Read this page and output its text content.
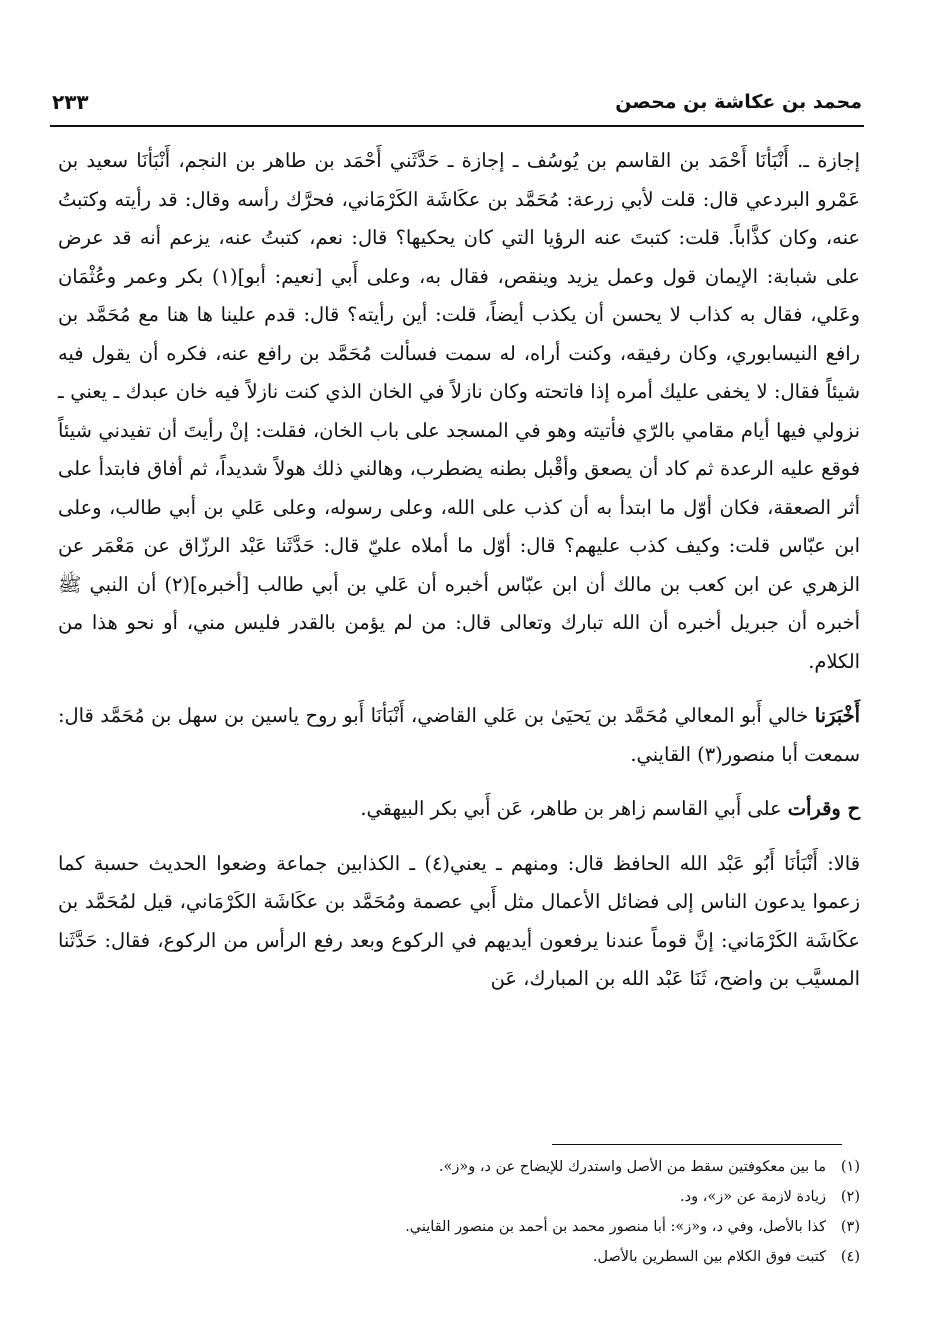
محمد بن عكاشة بن محصن
٢٣٣

إجازة ـ. أَنْبَأنَا أَحْمَد بن القاسم بن يُوسُف ـ إجازة ـ حَدَّثَني أَحْمَد بن طاهر بن النجم، أَنْبَأنَا سعيد بن عَمْرو البردعي قال: قلت لأبي زرعة: مُحَمَّد بن عكَاشَة الكَرْمَاني، فحرَّك رأسه وقال: قد رأيته وكتبتُ عنه، وكان كذَّاباً. قلت: كتبتَ عنه الرؤيا التي كان يحكيها؟ قال: نعم، كتبتُ عنه، يزعم أنه قد عرض على شبابة: الإيمان قول وعمل يزيد وينقص، فقال به، وعلى أَبي [نعيم: أبو](١) بكر وعمر وعُثْمَان وعَلي، فقال به كذاب لا يحسن أن يكذب أيضاً، قلت: أين رأيته؟ قال: قدم علينا ها هنا مع مُحَمَّد بن رافع النيسابوري، وكان رفيقه، وكنت أراه، له سمت فسألت مُحَمَّد بن رافع عنه، فكره أن يقول فيه شيئاً فقال: لا يخفى عليك أمره إذا فاتحته وكان نازلاً في الخان الذي كنت نازلاً فيه خان عبدك ـ يعني ـ نزولي فيها أيام مقامي بالرّي فأتيته وهو في المسجد على باب الخان، فقلت: إنْ رأيتَ أن تفيدني شيئاً فوقع عليه الرعدة ثم كاد أن يصعق وأقْبل بطنه يضطرب، وهالني ذلك هولاً شديداً، ثم أفاق فابتدأ على أثر الصعقة، فكان أوّل ما ابتدأ به أن كذب على الله، وعلى رسوله، وعلى عَلي بن أبي طالب، وعلى ابن عبّاس قلت: وكيف كذب عليهم؟ قال: أوّل ما أملاه عليّ قال: حَدَّثَنا عَبْد الرزّاق عن مَعْمَر عن الزهري عن ابن كعب بن مالك أن ابن عبّاس أخبره أن عَلي بن أبي طالب [أخبره](٢) أن النبي ﷺ أخبره أن جبريل أخبره أن الله تبارك وتعالى قال: من لم يؤمن بالقدر فليس مني، أو نحو هذا من الكلام.

أَخْبَرَنا خالي أَبو المعالي مُحَمَّد بن يَحيَىٰ بن عَلي القاضي، أَنْبَأنَا أَبو روح ياسين بن سهل بن مُحَمَّد قال: سمعت أبا منصور(٣) القايني.

ح وقرأت على أَبي القاسم زاهر بن طاهر، عَن أَبي بكر البيهقي.

قالا: أَنْبَأنَا أَبُو عَبْد الله الحافظ قال: ومنهم ـ يعني(٤) ـ الكذابين جماعة وضعوا الحديث حسبة كما زعموا يدعون الناس إلى فضائل الأعمال مثل أَبي عصمة ومُحَمَّد بن عكَاشَة الكَرْمَاني، قيل لمُحَمَّد بن عكَاشَة الكَرْمَاني: إنَّ قوماً عندنا يرفعون أيديهم في الركوع وبعد رفع الرأس من الركوع، فقال: حَدَّثَنا المسيَّب بن واضح، ثَنَا عَبْد الله بن المبارك، عَن

(١)
ما بين معكوفتين سقط من الأصل واستدرك للإيضاح عن د، و«ز».
(٢)
زيادة لازمة عن «ز»، ود.
(٣)
كذا بالأصل، وفي د، و«ز»: أبا منصور محمد بن أحمد بن منصور القايني.
(٤)
كتبت فوق الكلام بين السطرين بالأصل.
